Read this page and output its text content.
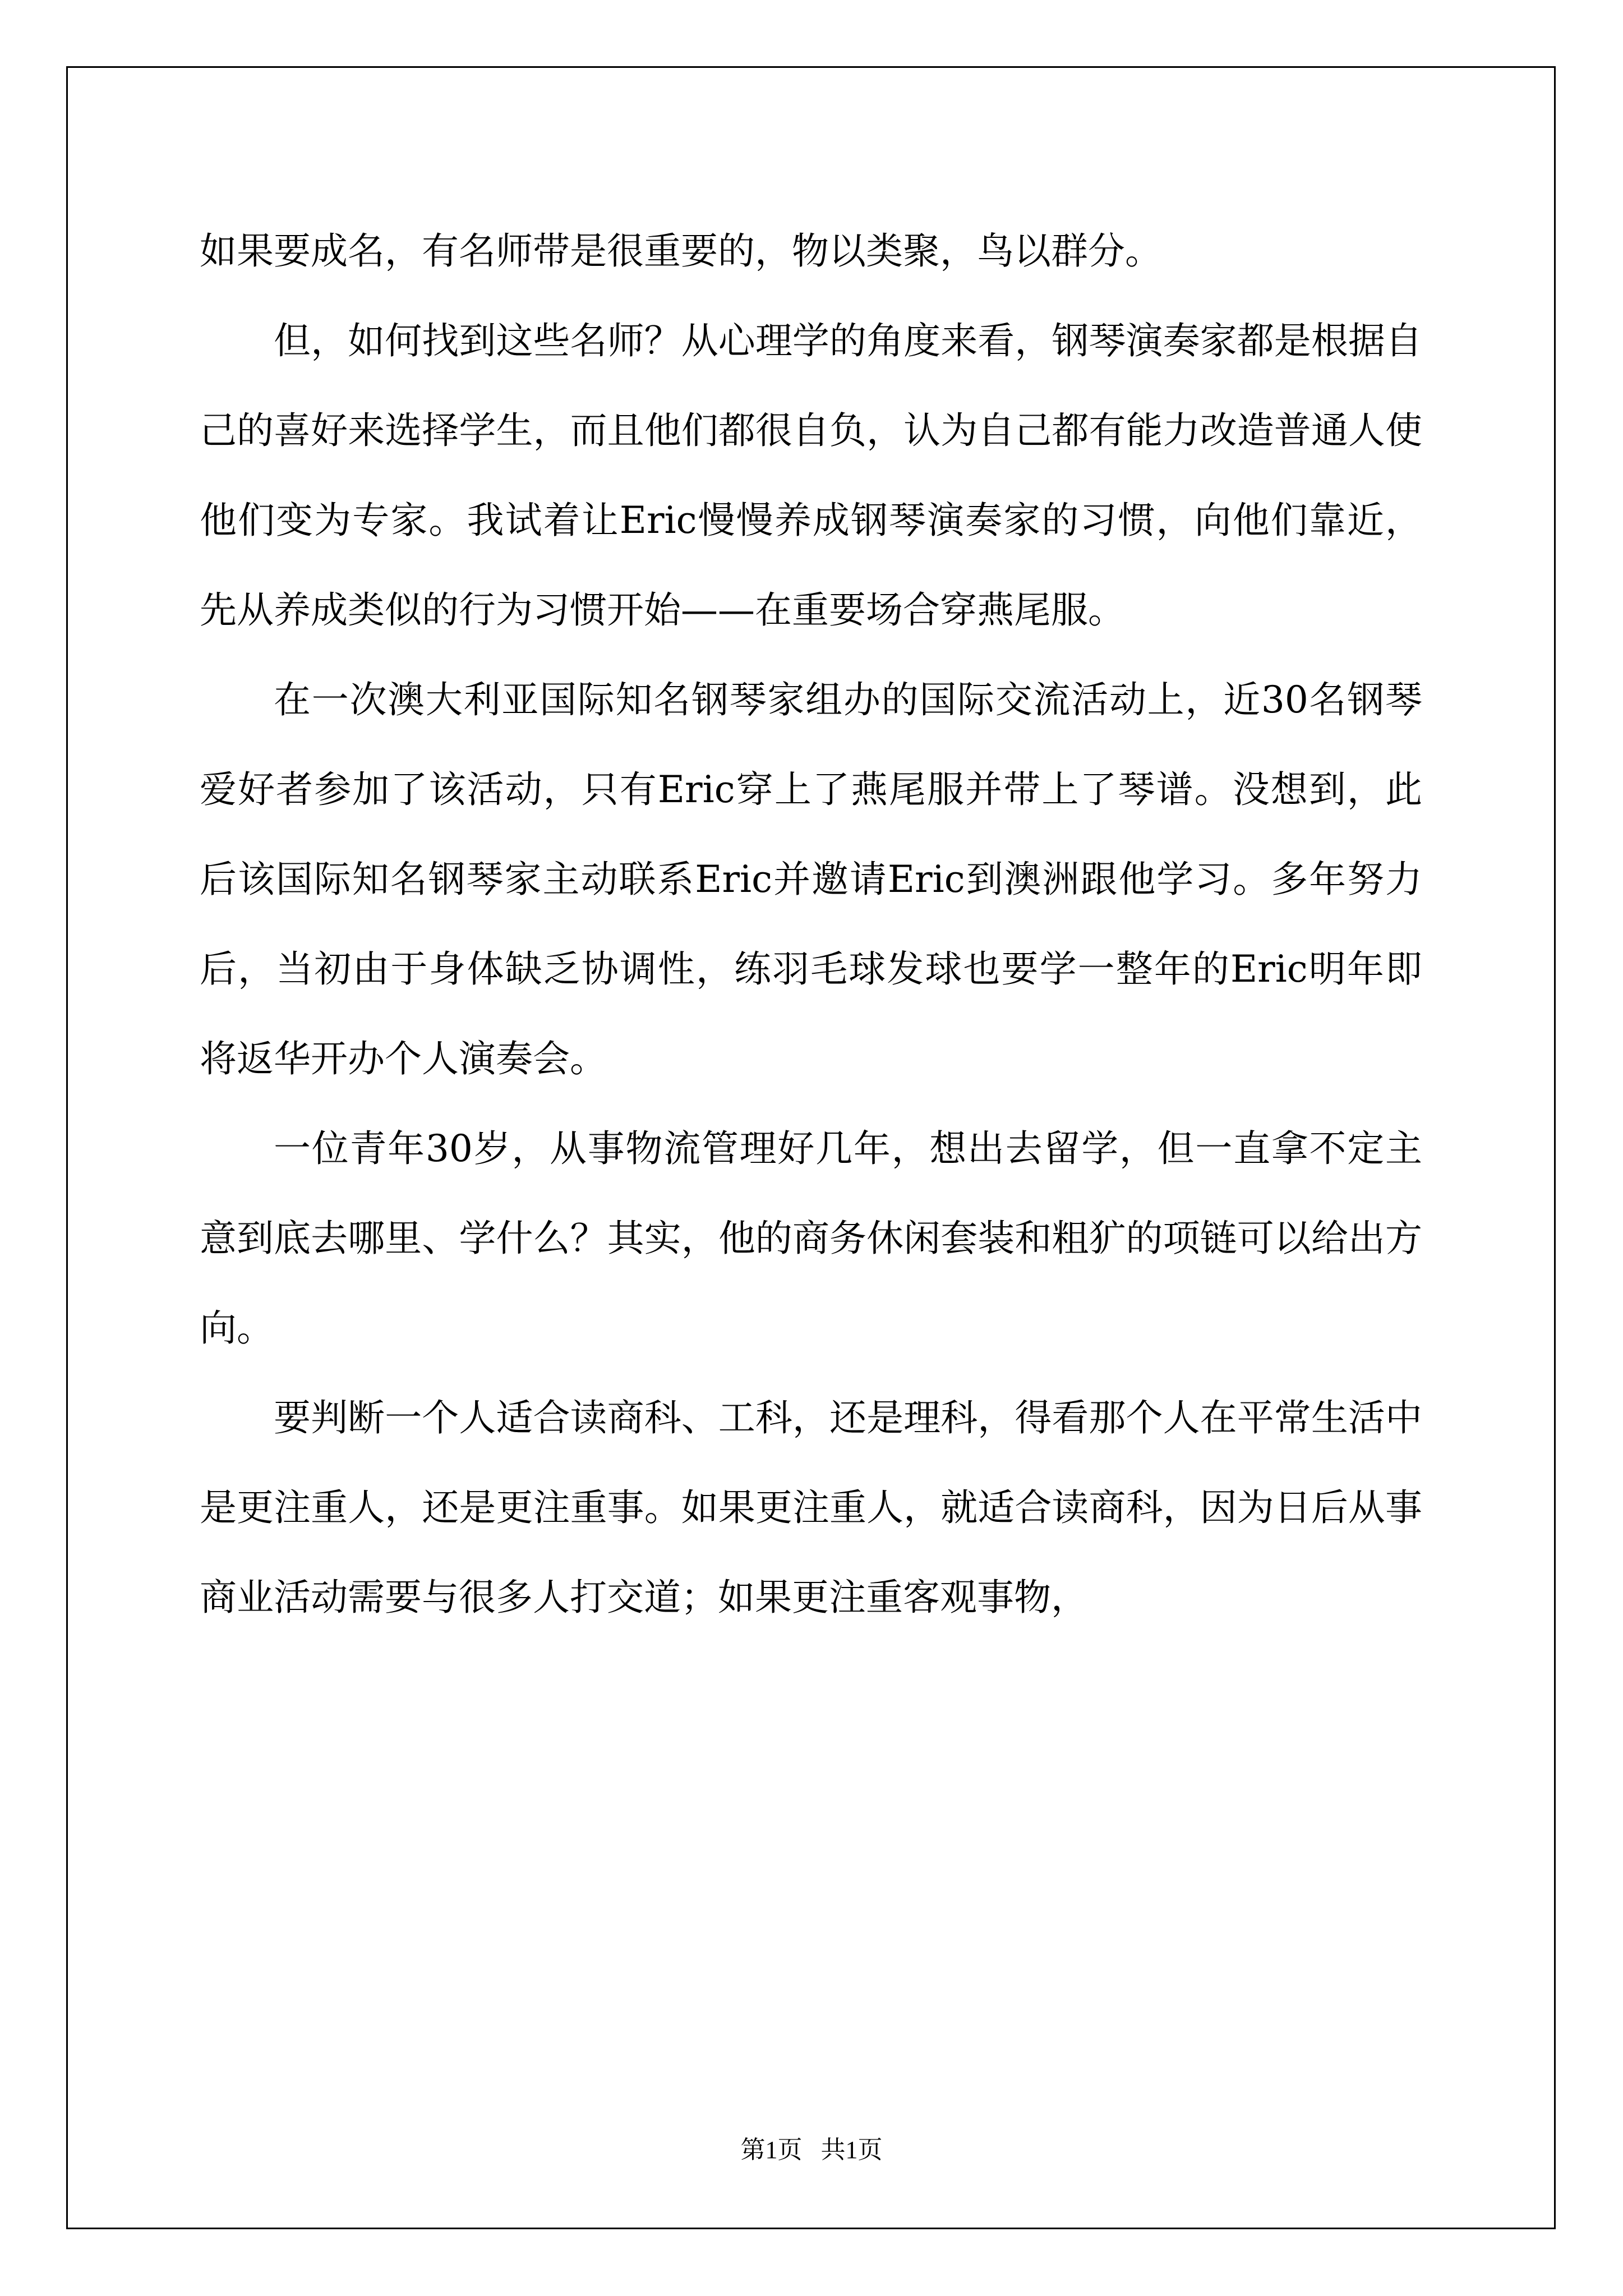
如果要成名，有名师带是很重要的，物以类聚，鸟以群分。

但，如何找到这些名师？从心理学的角度来看，钢琴演奏家都是根据自己的喜好来选择学生，而且他们都很自负，认为自己都有能力改造普通人使他们变为专家。我试着让Eric慢慢养成钢琴演奏家的习惯，向他们靠近，先从养成类似的行为习惯开始——在重要场合穿燕尾服。

在一次澳大利亚国际知名钢琴家组办的国际交流活动上，近30名钢琴爱好者参加了该活动，只有Eric穿上了燕尾服并带上了琴谱。没想到，此后该国际知名钢琴家主动联系Eric并邀请Eric到澳洲跟他学习。多年努力后，当初由于身体缺乏协调性，练羽毛球发球也要学一整年的Eric明年即将返华开办个人演奏会。

一位青年30岁，从事物流管理好几年，想出去留学，但一直拿不定主意到底去哪里、学什么？其实，他的商务休闲套装和粗犷的项链可以给出方向。

要判断一个人适合读商科、工科，还是理科，得看那个人在平常生活中是更注重人，还是更注重事。如果更注重人，就适合读商科，因为日后从事商业活动需要与很多人打交道；如果更注重客观事物，

第1页 共1页
